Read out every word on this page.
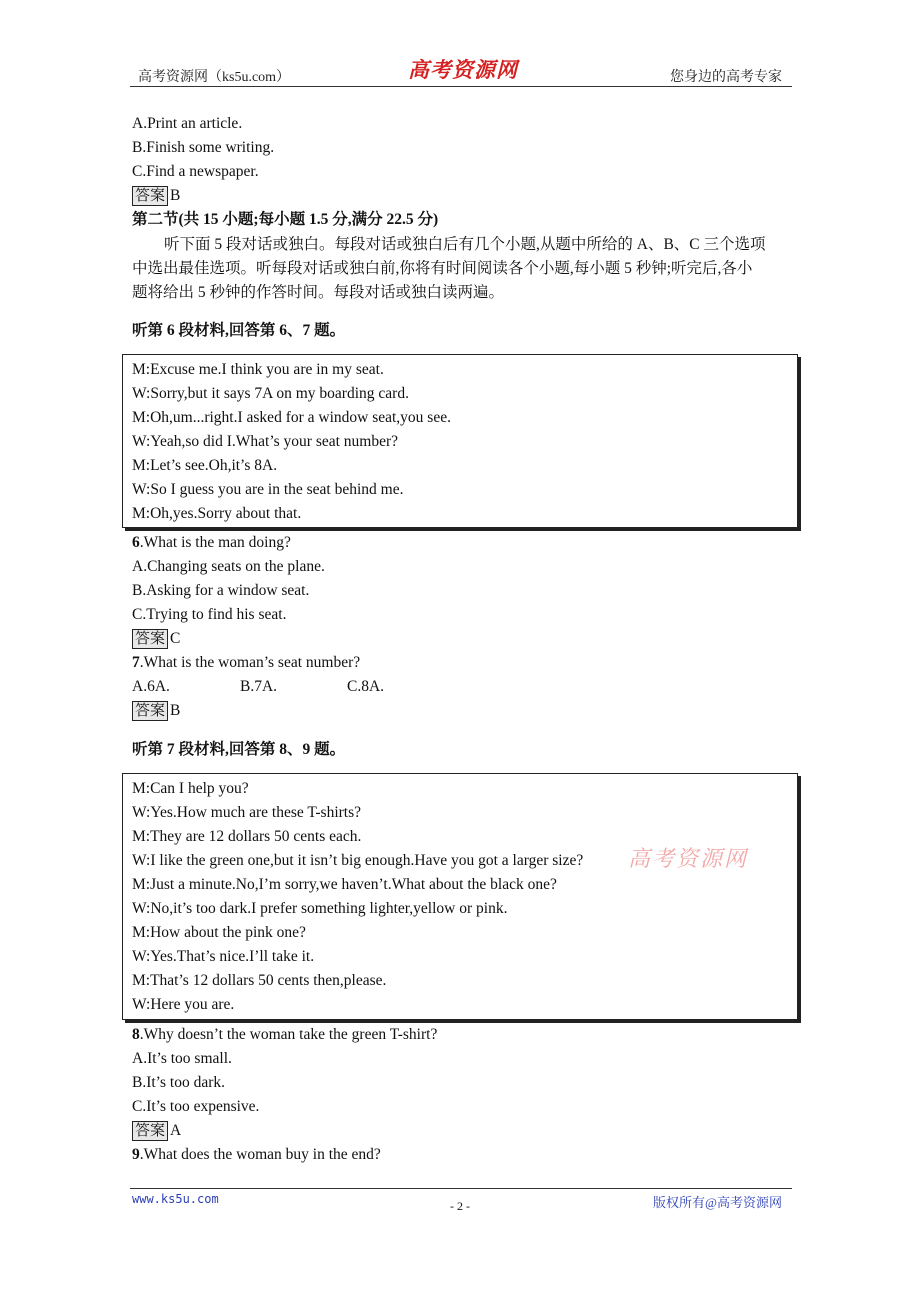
高考资源网（ks5u.com）	高考资源网	您身边的高考专家
A.Print an article.
B.Finish some writing.
C.Find a newspaper.
答案 B
第二节(共 15 小题;每小题 1.5 分,满分 22.5 分)
听下面 5 段对话或独白。每段对话或独白后有几个小题,从题中所给的 A、B、C 三个选项
中选出最佳选项。听每段对话或独白前,你将有时间阅读各个小题,每小题 5 秒钟;听完后,各小
题将给出 5 秒钟的作答时间。每段对话或独白读两遍。
听第 6 段材料,回答第 6、7 题。
M:Excuse me.I think you are in my seat.
W:Sorry,but it says 7A on my boarding card.
M:Oh,um...right.I asked for a window seat,you see.
W:Yeah,so did I.What’s your seat number?
M:Let’s see.Oh,it’s 8A.
W:So I guess you are in the seat behind me.
M:Oh,yes.Sorry about that.
6.What is the man doing?
A.Changing seats on the plane.
B.Asking for a window seat.
C.Trying to find his seat.
答案 C
7.What is the woman’s seat number?
A.6A.	B.7A.	C.8A.
答案 B
听第 7 段材料,回答第 8、9 题。
M:Can I help you?
W:Yes.How much are these T-shirts?
M:They are 12 dollars 50 cents each.
W:I like the green one,but it isn’t big enough.Have you got a larger size?
M:Just a minute.No,I’m sorry,we haven’t.What about the black one?
W:No,it’s too dark.I prefer something lighter,yellow or pink.
M:How about the pink one?
W:Yes.That’s nice.I’ll take it.
M:That’s 12 dollars 50 cents then,please.
W:Here you are.
高考资源网
8.Why doesn’t the woman take the green T-shirt?
A.It’s too small.
B.It’s too dark.
C.It’s too expensive.
答案 A
9.What does the woman buy in the end?
www.ks5u.com	- 2 -	版权所有@高考资源网
